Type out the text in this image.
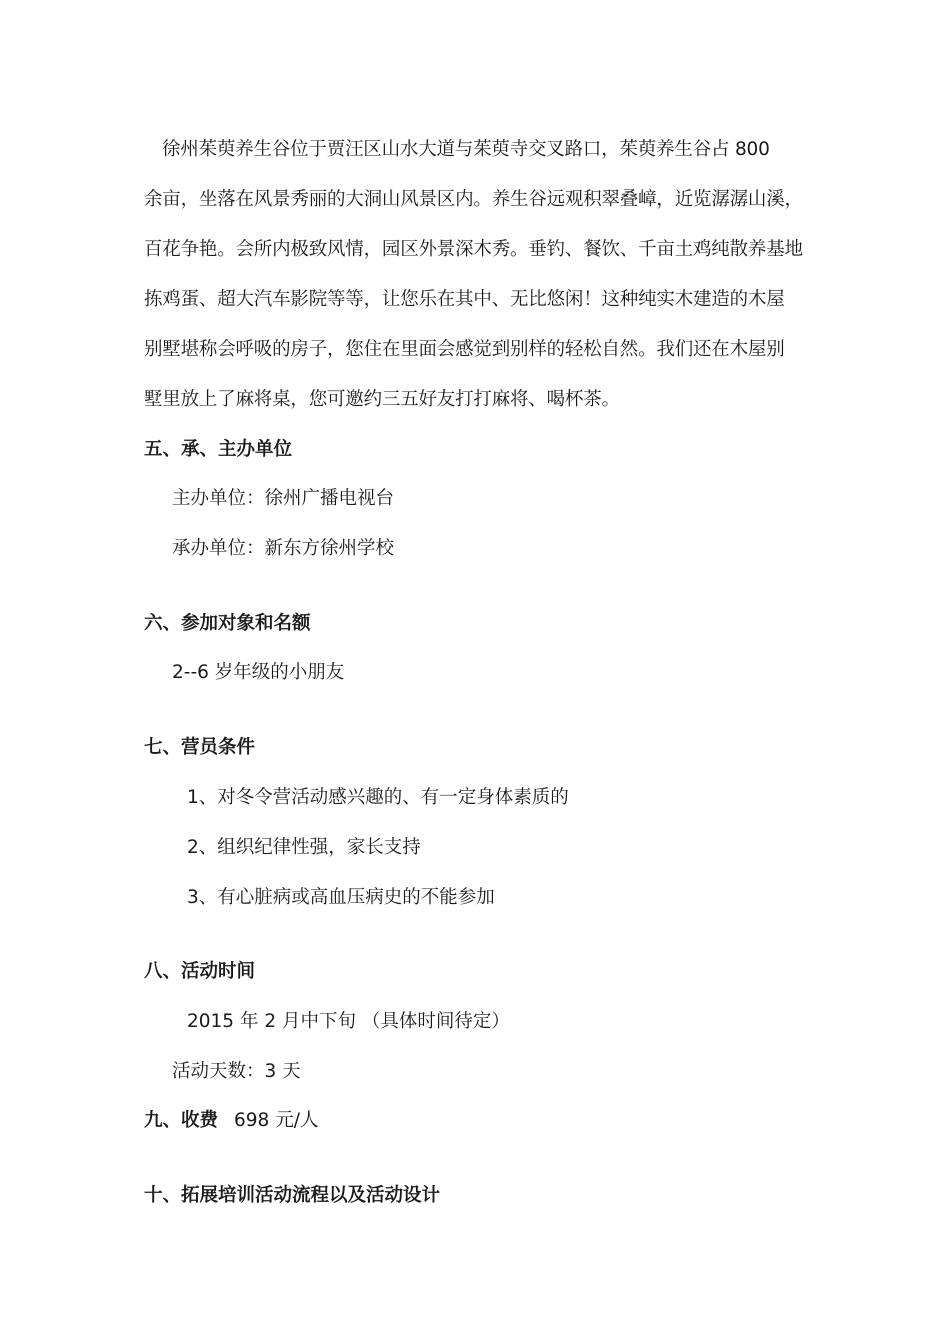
徐州茱萸养生谷位于贾汪区山水大道与茱萸寺交叉路口，茱萸养生谷占 800
余亩，坐落在风景秀丽的大洞山风景区内。养生谷远观积翠叠嶂，近览潺潺山溪，
百花争艳。会所内极致风情，园区外景深木秀。垂钓、餐饮、千亩土鸡纯散养基地
拣鸡蛋、超大汽车影院等等，让您乐在其中、无比悠闲！这种纯实木建造的木屋
别墅堪称会呼吸的房子，您住在里面会感觉到别样的轻松自然。我们还在木屋别
墅里放上了麻将桌，您可邀约三五好友打打麻将、喝杯茶。
五、承、主办单位
主办单位：徐州广播电视台
承办单位：新东方徐州学校
六、参加对象和名额
2--6 岁年级的小朋友
七、营员条件
1、对冬令营活动感兴趣的、有一定身体素质的
2、组织纪律性强，家长支持
3、有心脏病或高血压病史的不能参加
八、活动时间
2015 年 2 月中下旬 （具体时间待定）
活动天数：3 天
九、收费 698 元/人
十、拓展培训活动流程以及活动设计
